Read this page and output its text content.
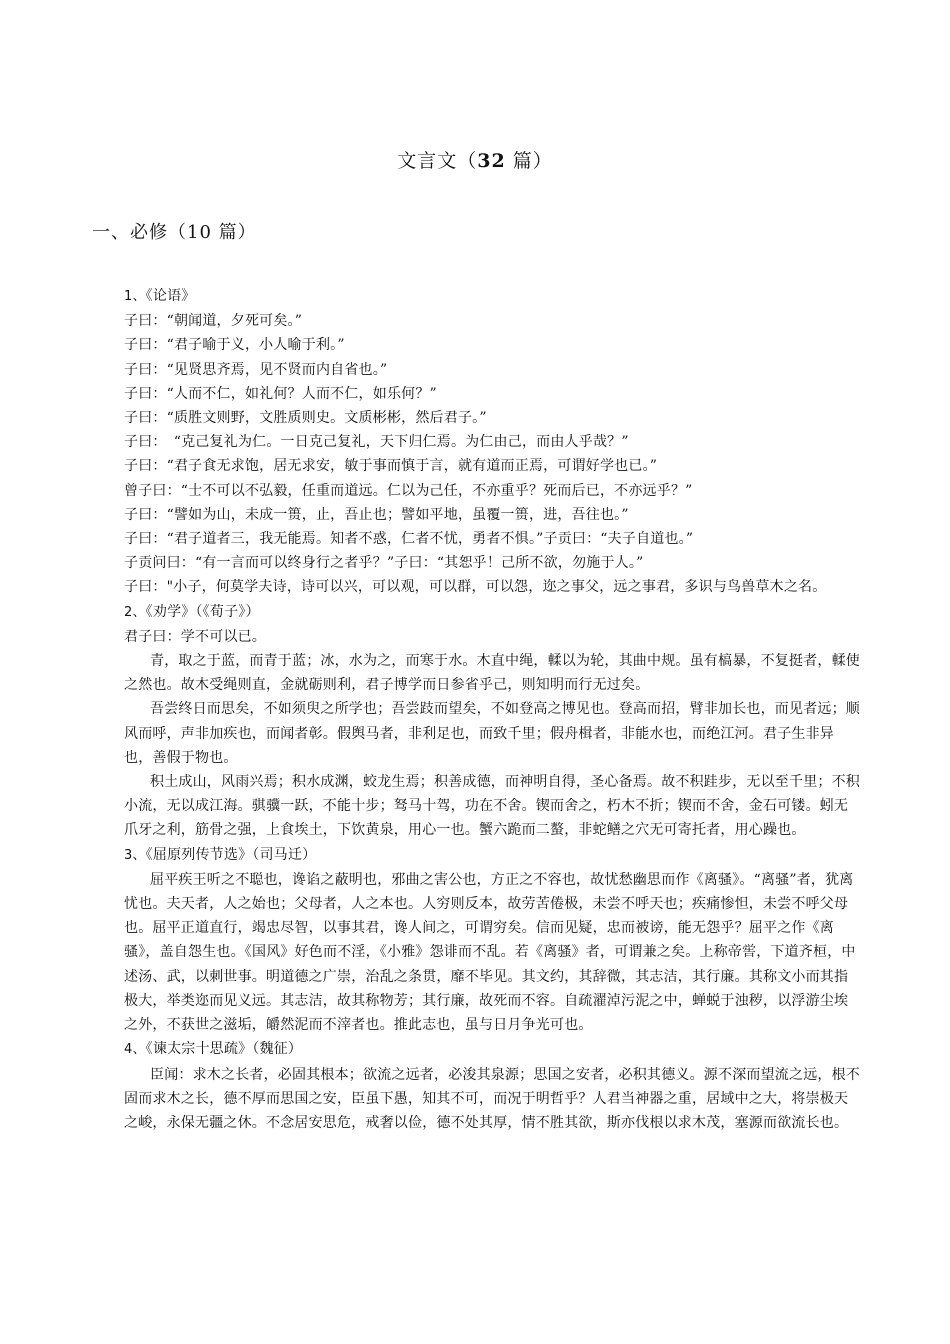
文言文（32 篇）
一、必修（10 篇）

1、《论语》

子曰：“朝闻道，夕死可矣。”

子曰：“君子喻于义，小人喻于利。”

子曰：“见贤思齐焉，见不贤而内自省也。”

子曰：“人而不仁，如礼何？人而不仁，如乐何？”

子曰：“质胜文则野，文胜质则史。文质彬彬，然后君子。”

子曰：　“克己复礼为仁。一日克己复礼，天下归仁焉。为仁由己，而由人乎哉？”

子曰：“君子食无求饱，居无求安，敏于事而慎于言，就有道而正焉，可谓好学也已。”

曾子曰：“士不可以不弘毅，任重而道远。仁以为己任，不亦重乎？死而后已，不亦远乎？”

子曰：“譬如为山，未成一篑，止，吾止也；譬如平地，虽覆一篑，进，吾往也。”

子曰：“君子道者三，我无能焉。知者不惑，仁者不忧，勇者不惧。”子贡曰：“夫子自道也。”

子贡问曰：“有一言而可以终身行之者乎？”子曰：“其恕乎！己所不欲，勿施于人。”

子曰："小子，何莫学夫诗，诗可以兴，可以观，可以群，可以怨，迩之事父，远之事君，多识与鸟兽草木之名。

2、《劝学》（《荀子》）

君子曰：学不可以已。

青，取之于蓝，而青于蓝；冰，水为之，而寒于水。木直中绳，輮以为轮，其曲中规。虽有槁暴，不复挺者，輮使之然也。故木受绳则直，金就砺则利，君子博学而日参省乎己，则知明而行无过矣。

吾尝终日而思矣，不如须臾之所学也；吾尝跂而望矣，不如登高之博见也。登高而招，臂非加长也，而见者远；顺风而呼，声非加疾也，而闻者彰。假舆马者，非利足也，而致千里；假舟楫者，非能水也，而绝江河。君子生非异也，善假于物也。

积土成山，风雨兴焉；积水成渊，蛟龙生焉；积善成德，而神明自得，圣心备焉。故不积跬步，无以至千里；不积小流，无以成江海。骐骥一跃，不能十步；驽马十驾，功在不舍。锲而舍之，朽木不折；锲而不舍，金石可镂。蚓无爪牙之利，筋骨之强，上食埃土，下饮黄泉，用心一也。蟹六跪而二螯，非蛇鳝之穴无可寄托者，用心躁也。

3、《屈原列传节选》（司马迁）

屈平疾王听之不聪也，谗谄之蔽明也，邪曲之害公也，方正之不容也，故忧愁幽思而作《离骚》。“离骚”者，犹离忧也。夫天者，人之始也；父母者，人之本也。人穷则反本，故劳苦倦极，未尝不呼天也；疾痛惨怛，未尝不呼父母也。屈平正道直行，竭忠尽智，以事其君，谗人间之，可谓穷矣。信而见疑，忠而被谤，能无怨乎？屈平之作《离骚》，盖自怨生也。《国风》好色而不淫，《小雅》怨诽而不乱。若《离骚》者，可谓兼之矣。上称帝喾，下道齐桓，中述汤、武，以刺世事。明道德之广崇，治乱之条贯，靡不毕见。其文约，其辞微，其志洁，其行廉。其称文小而其指极大，举类迩而见义远。其志洁，故其称物芳；其行廉，故死而不容。自疏濯淖污泥之中，蝉蜕于浊秽，以浮游尘埃之外，不获世之滋垢，皭然泥而不滓者也。推此志也，虽与日月争光可也。

4、《谏太宗十思疏》（魏征）

臣闻：求木之长者，必固其根本；欲流之远者，必浚其泉源；思国之安者，必积其德义。源不深而望流之远，根不固而求木之长，德不厚而思国之安，臣虽下愚，知其不可，而况于明哲乎？人君当神器之重，居域中之大，将崇极天之峻，永保无疆之休。不念居安思危，戒奢以俭，德不处其厚，情不胜其欲，斯亦伐根以求木茂，塞源而欲流长也。
